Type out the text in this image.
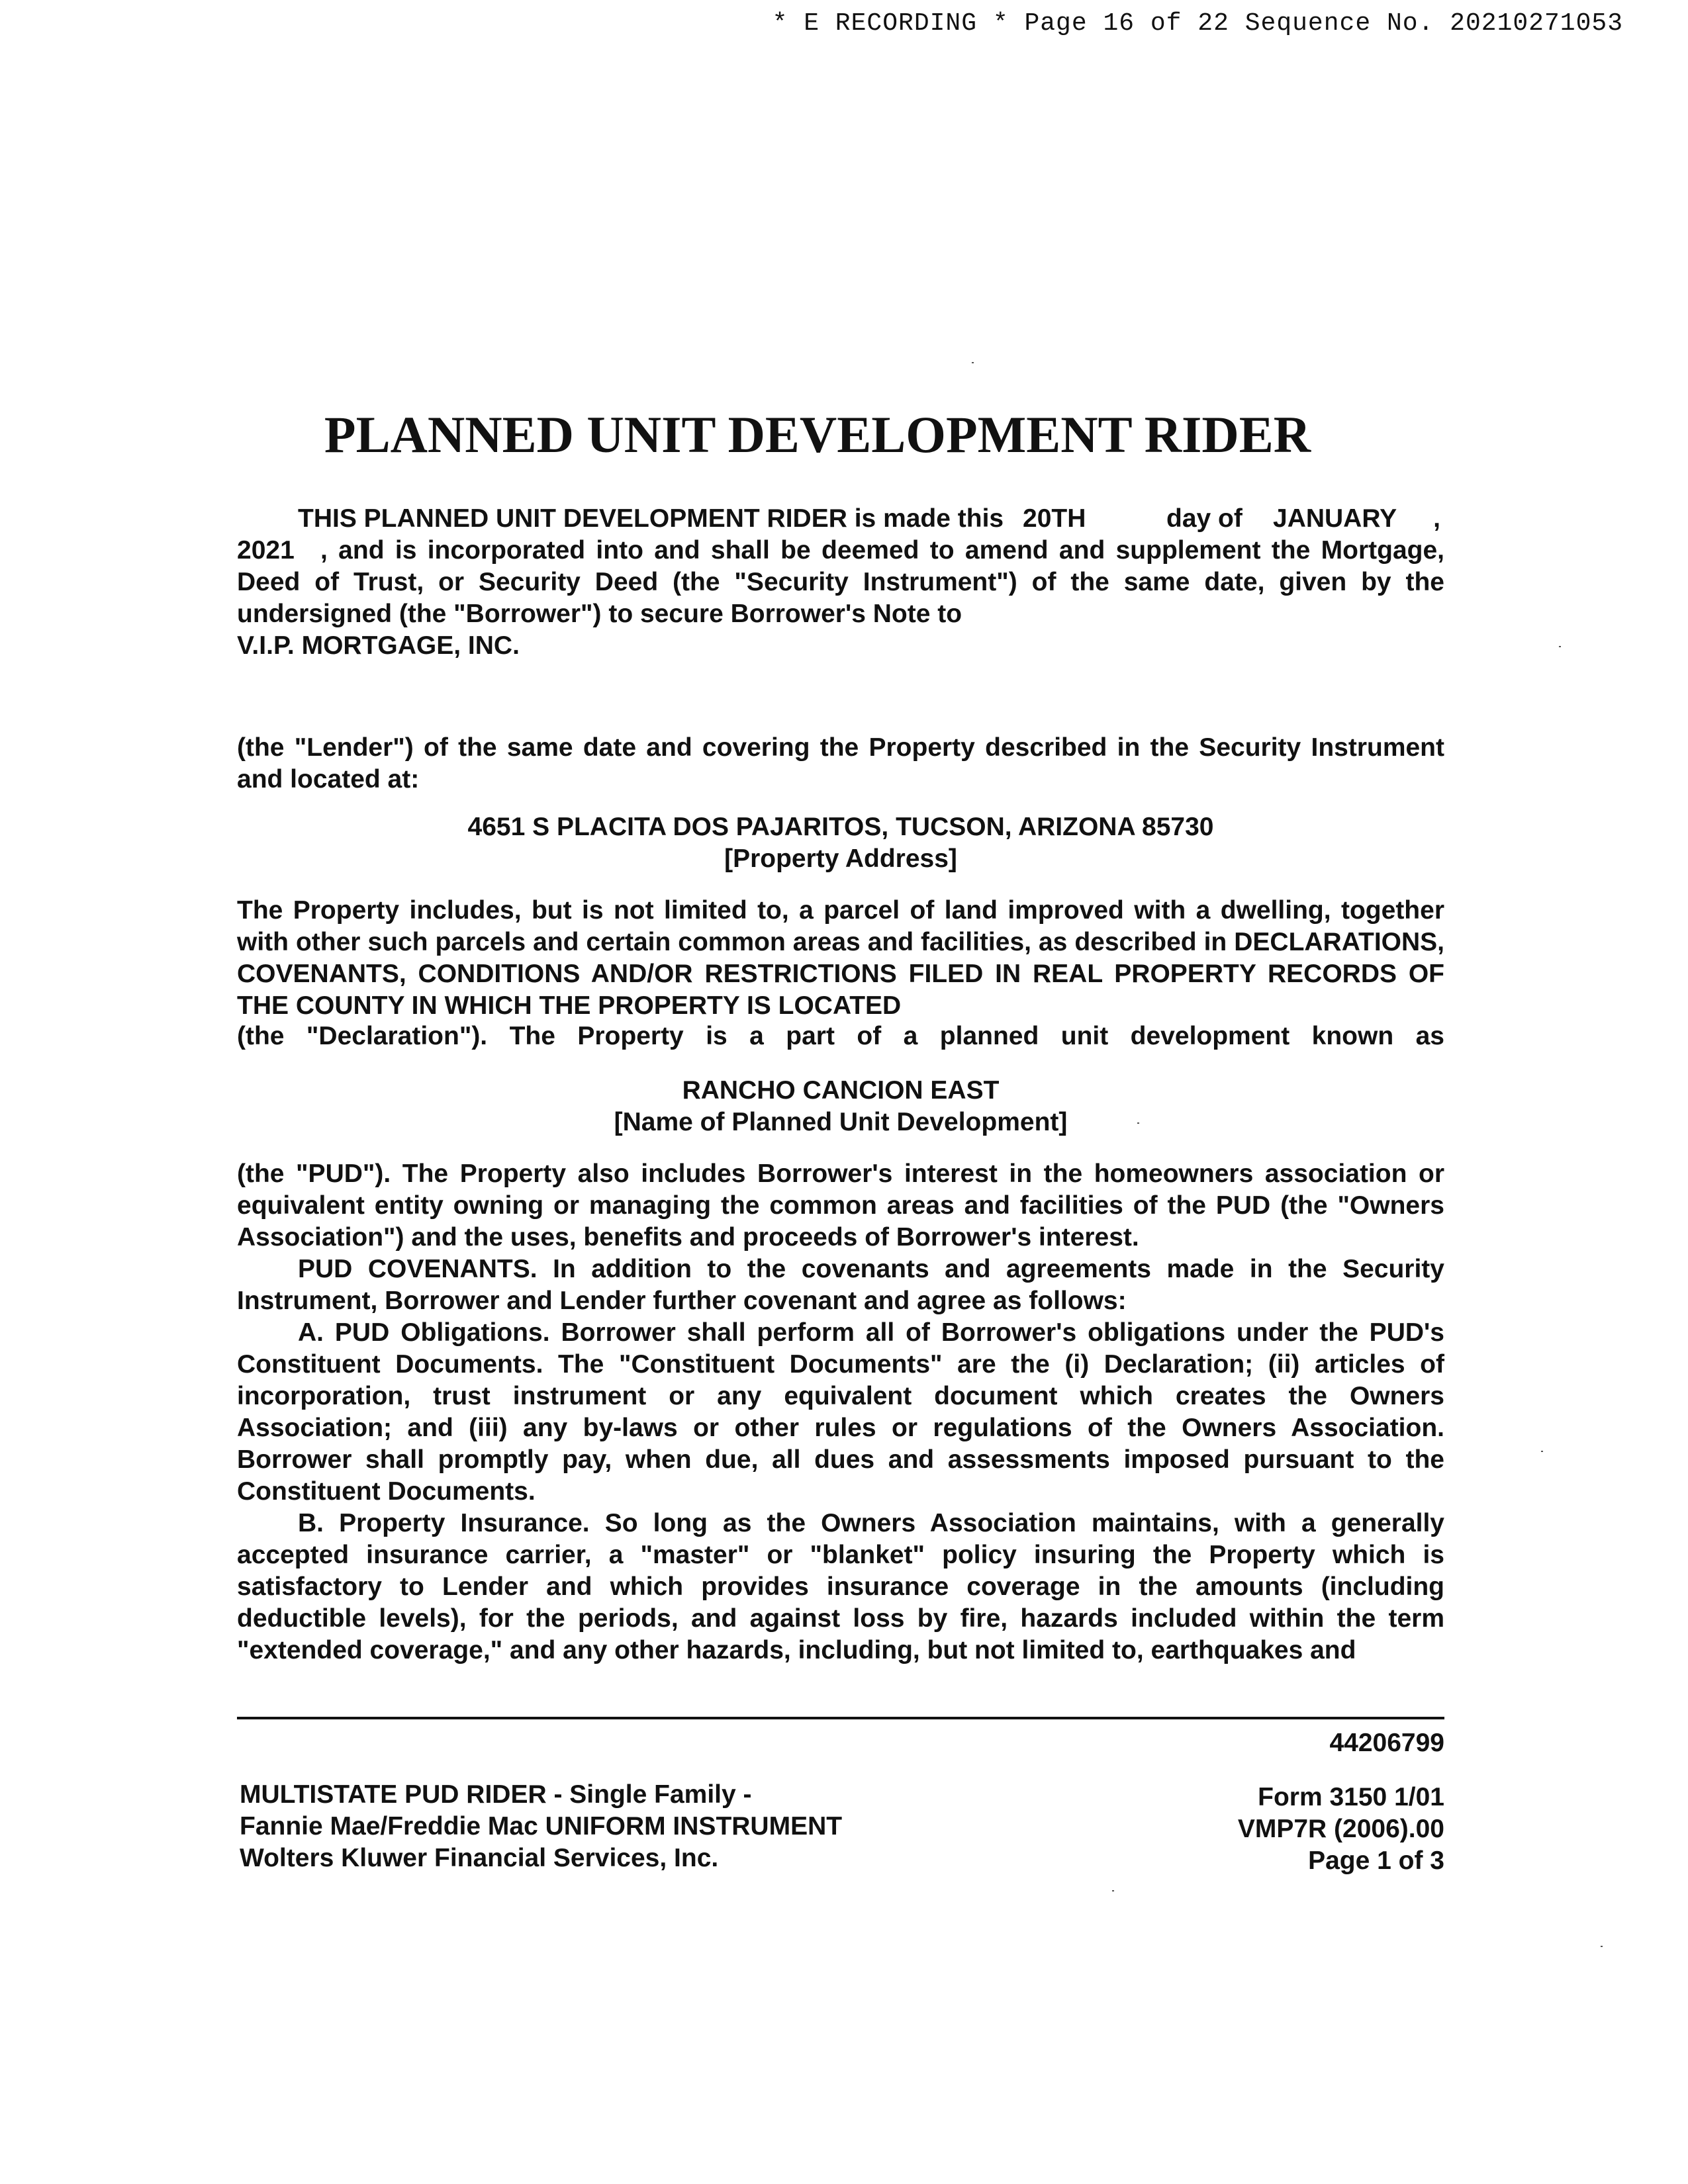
* E RECORDING * Page 16 of 22 Sequence No. 20210271053
PLANNED UNIT DEVELOPMENT RIDER
THIS PLANNED UNIT DEVELOPMENT RIDER is made this 20TH	day of JANUARY ,

2021 , and is incorporated into and shall be deemed to amend and supplement the Mortgage, Deed of Trust, or Security Deed (the "Security Instrument") of the same date, given by the undersigned (the "Borrower") to secure Borrower's Note to

V.I.P. MORTGAGE, INC.

(the "Lender") of the same date and covering the Property described in the Security Instrument and located at:

4651 S PLACITA DOS PAJARITOS, TUCSON, ARIZONA 85730

[Property Address]

The Property includes, but is not limited to, a parcel of land improved with a dwelling, together with other such parcels and certain common areas and facilities, as described in DECLARATIONS, COVENANTS, CONDITIONS AND/OR RESTRICTIONS FILED IN REAL PROPERTY RECORDS OF THE COUNTY IN WHICH THE PROPERTY IS LOCATED

(the "Declaration"). The Property is a part of a planned unit development known as

RANCHO CANCION EAST

[Name of Planned Unit Development]

(the "PUD"). The Property also includes Borrower's interest in the homeowners association or equivalent entity owning or managing the common areas and facilities of the PUD (the "Owners Association") and the uses, benefits and proceeds of Borrower's interest.

PUD COVENANTS. In addition to the covenants and agreements made in the Security Instrument, Borrower and Lender further covenant and agree as follows:

A. PUD Obligations. Borrower shall perform all of Borrower's obligations under the PUD's Constituent Documents. The "Constituent Documents" are the (i) Declaration; (ii) articles of incorporation, trust instrument or any equivalent document which creates the Owners Association; and (iii) any by-laws or other rules or regulations of the Owners Association. Borrower shall promptly pay, when due, all dues and assessments imposed pursuant to the Constituent Documents.

B. Property Insurance. So long as the Owners Association maintains, with a generally accepted insurance carrier, a "master" or "blanket" policy insuring the Property which is satisfactory to Lender and which provides insurance coverage in the amounts (including deductible levels), for the periods, and against loss by fire, hazards included within the term "extended coverage," and any other hazards, including, but not limited to, earthquakes and

44206799
Form 3150 1/01
VMP7R (2006).00
Page 1 of 3
MULTISTATE PUD RIDER - Single Family -
Fannie Mae/Freddie Mac UNIFORM INSTRUMENT
Wolters Kluwer Financial Services, Inc.
